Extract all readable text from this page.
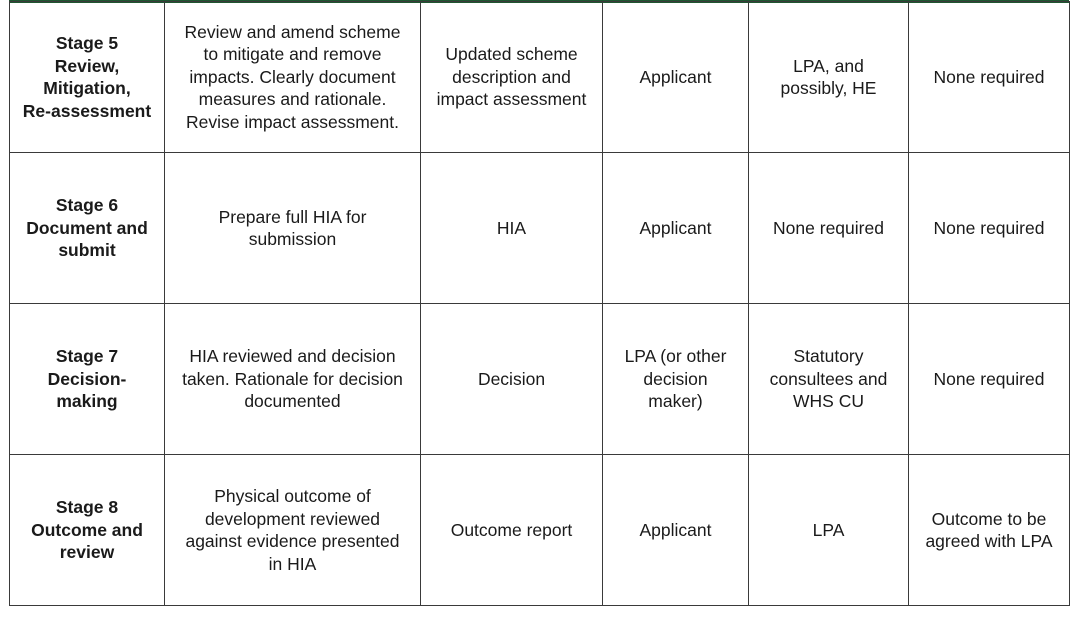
Stage 5
Review,
Mitigation,
Re-assessment	Review and amend scheme
to mitigate and remove
impacts. Clearly document
measures and rationale.
Revise impact assessment.	Updated scheme
description and
impact assessment	Applicant	LPA, and
possibly, HE	None required

Stage 6
Document and
submit	Prepare full HIA for
submission	HIA	Applicant	None required	None required

Stage 7
Decision-
making	HIA reviewed and decision
taken. Rationale for decision
documented	Decision	LPA (or other
decision
maker)	Statutory
consultees and
WHS CU	None required

Stage 8
Outcome and
review	Physical outcome of
development reviewed
against evidence presented
in HIA	Outcome report	Applicant	LPA	Outcome to be
agreed with LPA
